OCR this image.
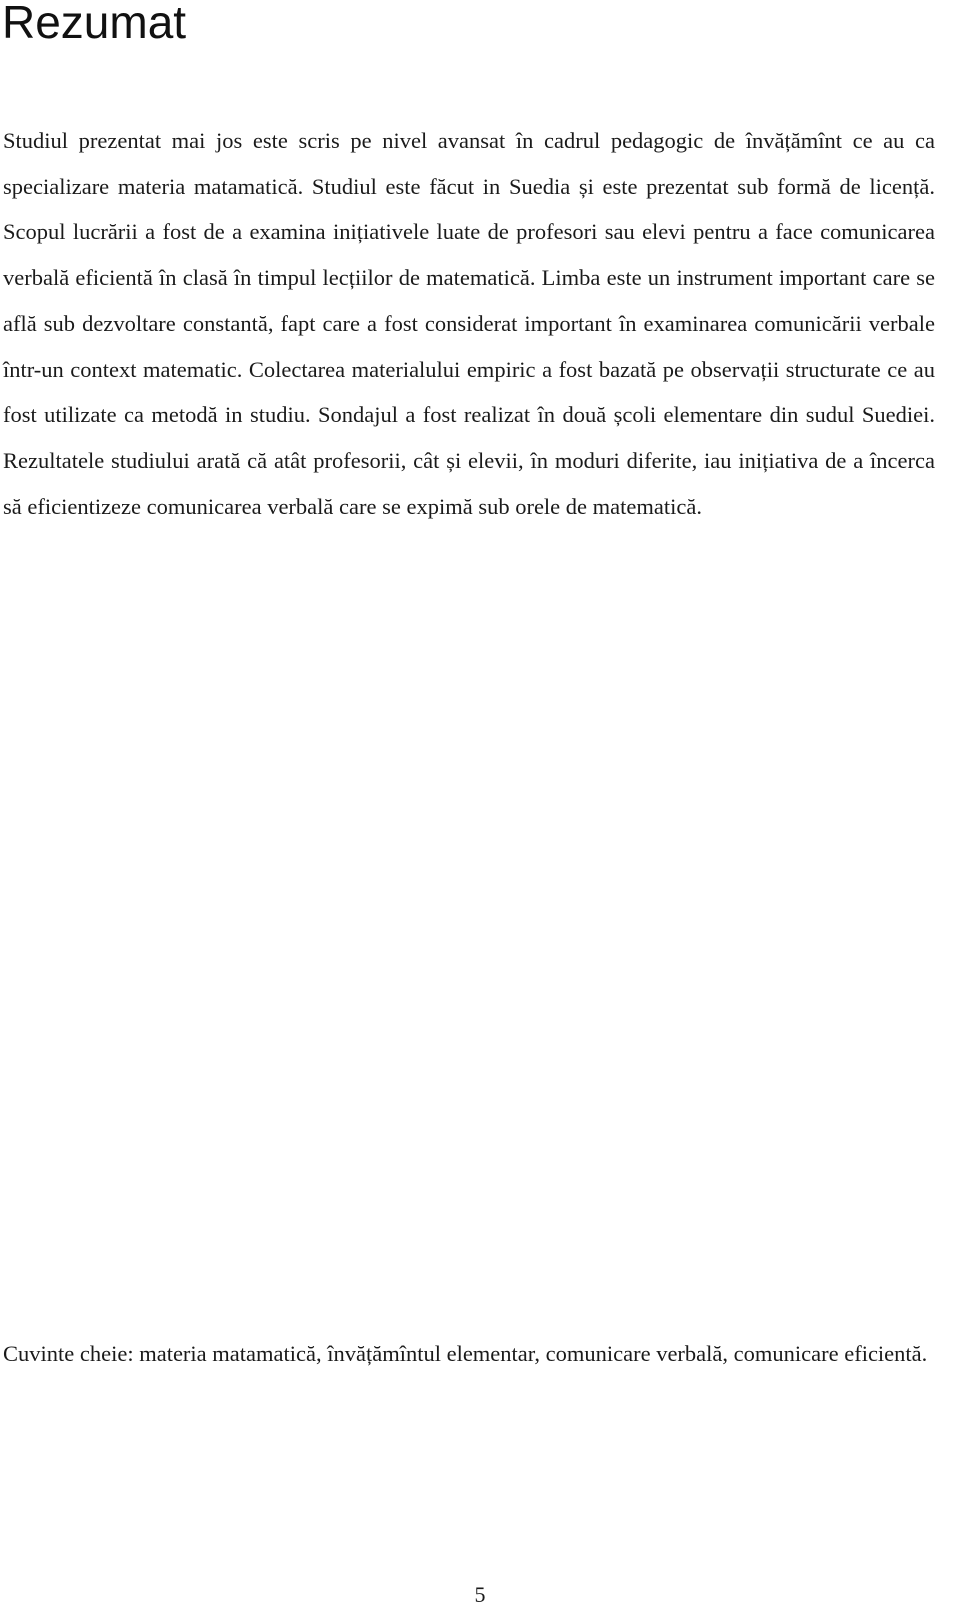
Rezumat

Studiul prezentat mai jos este scris pe nivel avansat în cadrul pedagogic de învățămînt ce au ca specializare materia matamatică. Studiul este făcut in Suedia și este prezentat sub formă de licență. Scopul lucrării a fost de a examina inițiativele luate de profesori sau elevi pentru a face comunicarea verbală eficientă în clasă în timpul lecțiilor de matematică. Limba este un instrument important care se află sub dezvoltare constantă, fapt care a fost considerat important în examinarea comunicării verbale într-un context matematic. Colectarea materialului empiric a fost bazată pe observații structurate ce au fost utilizate ca metodă in studiu. Sondajul a fost realizat în două școli elementare din sudul Suediei. Rezultatele studiului arată că atât profesorii, cât și elevii, în moduri diferite, iau inițiativa de a încerca să eficientizeze comunicarea verbală care se expimă sub orele de matematică.

Cuvinte cheie: materia matamatică, învățămîntul elementar, comunicare verbală, comunicare eficientă.

5
